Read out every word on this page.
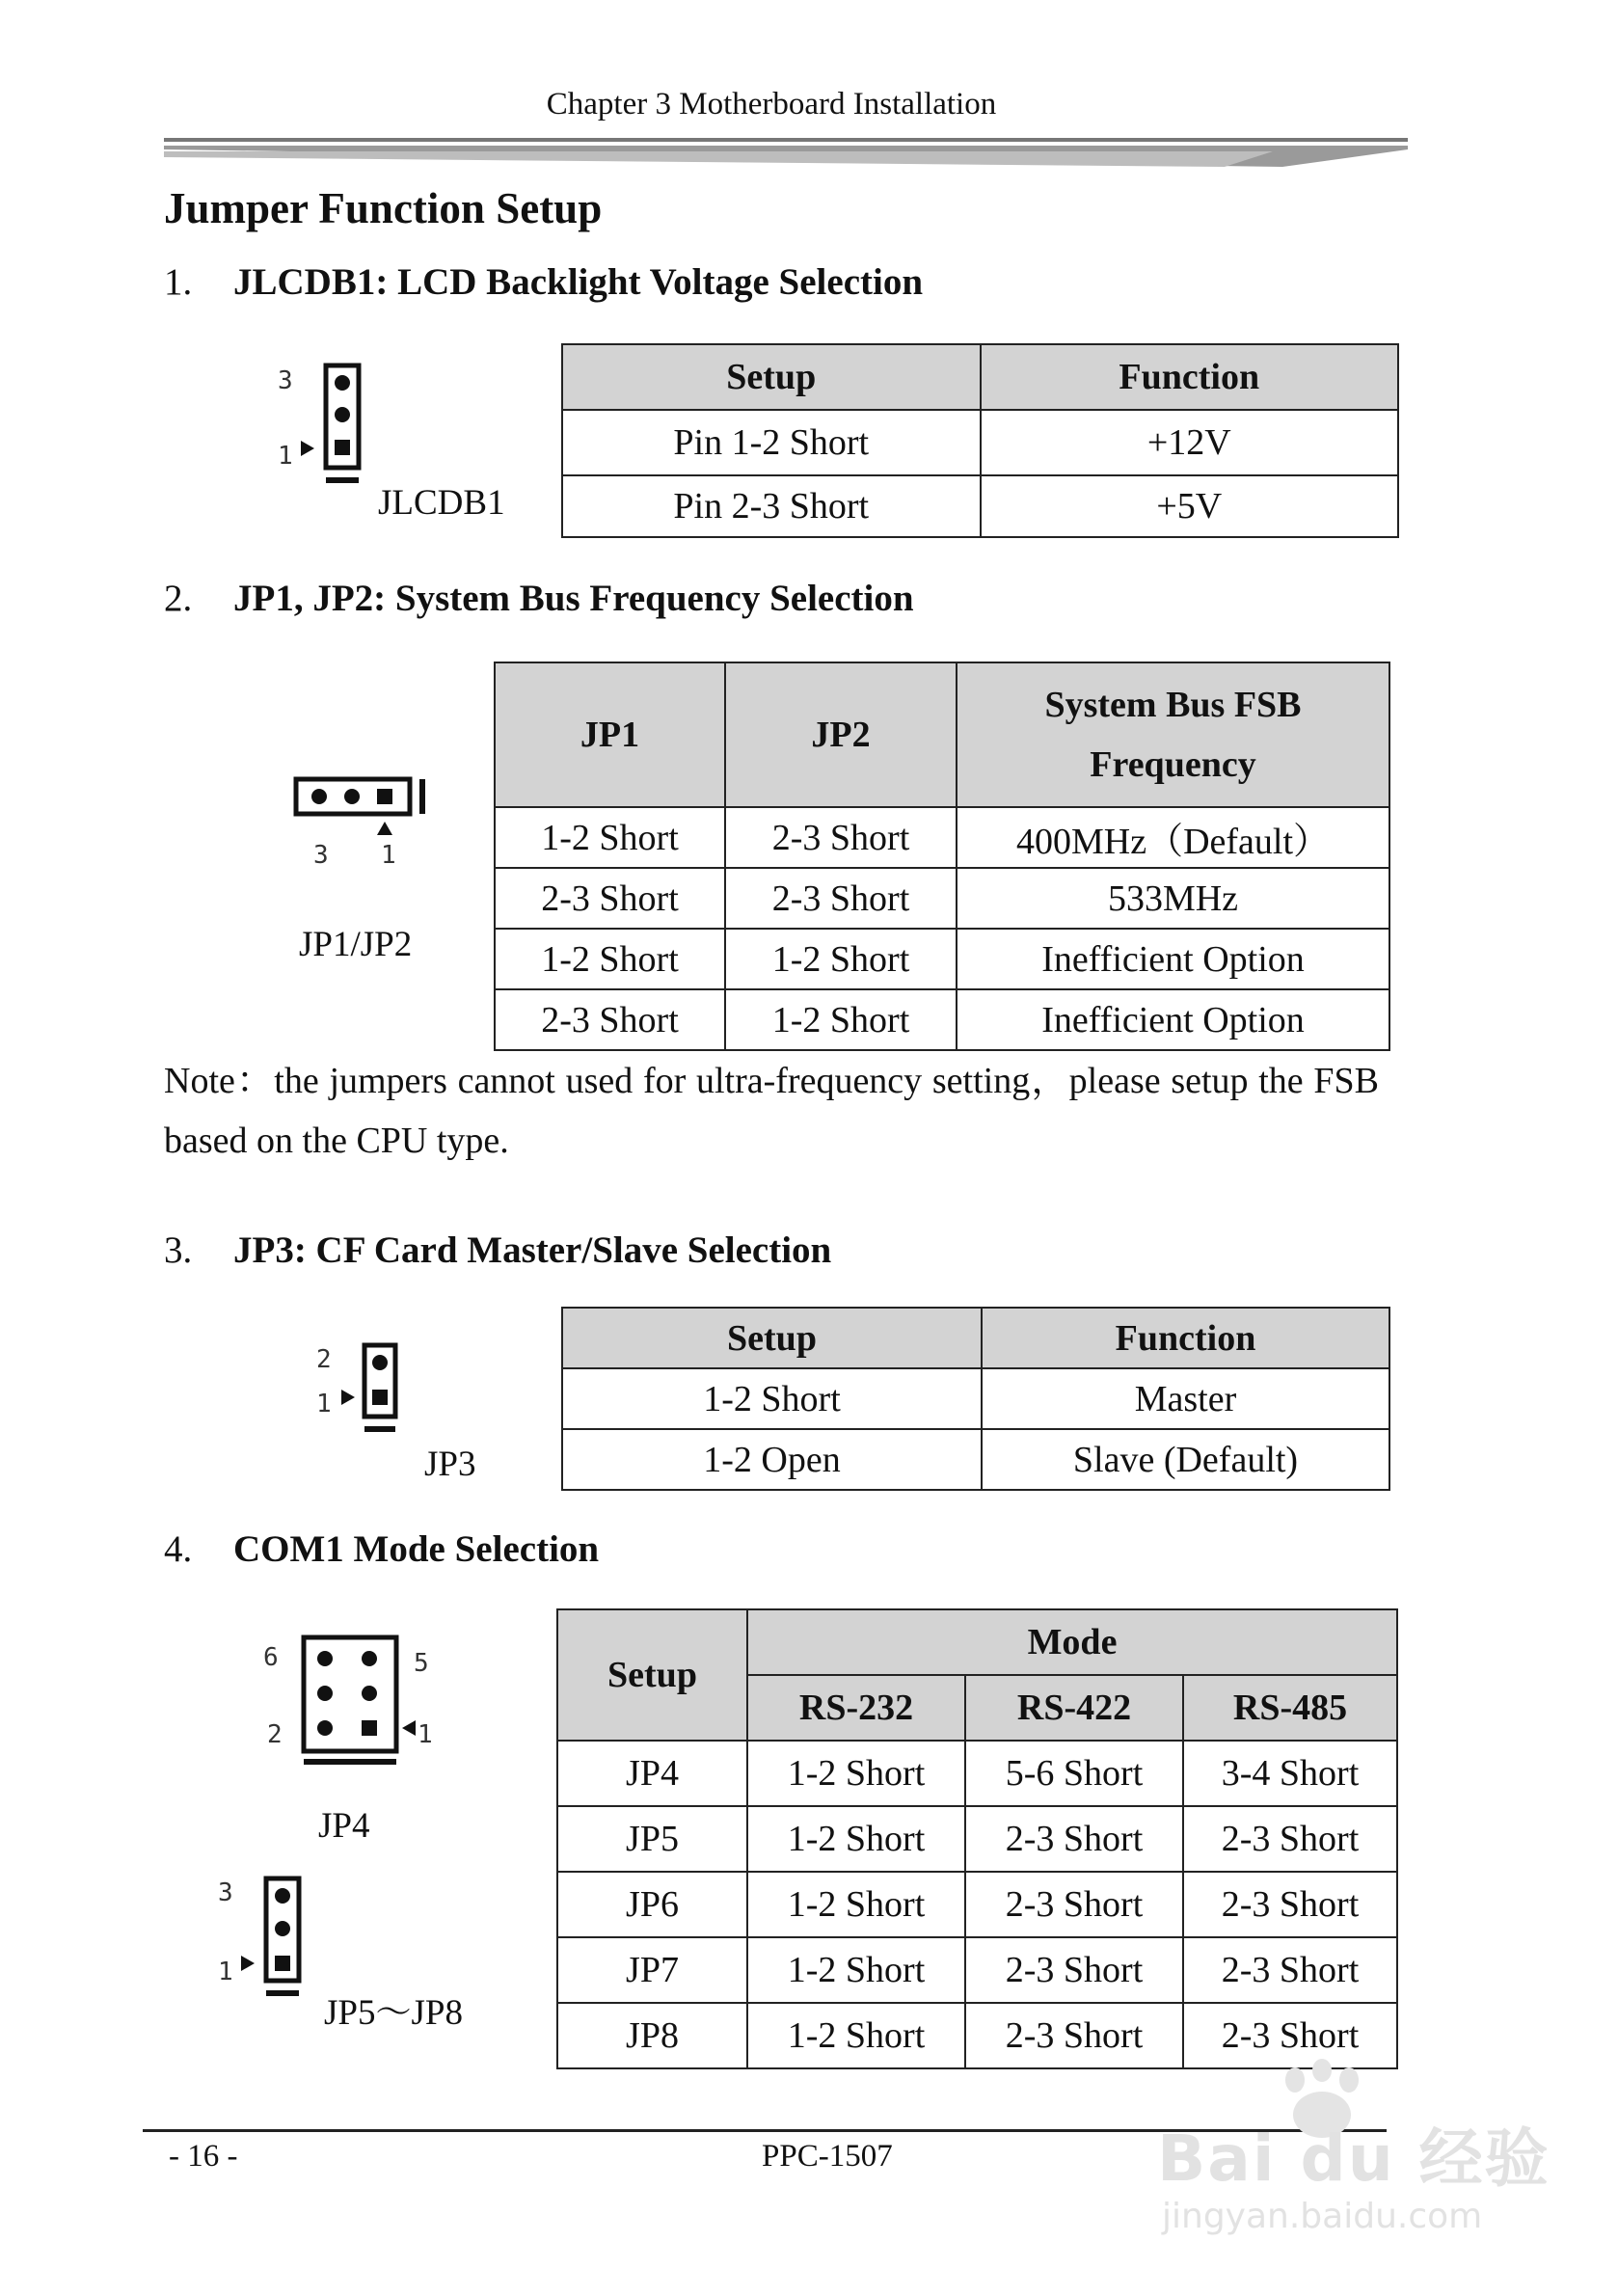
Chapter 3 Motherboard Installation
Jumper Function Setup
1. JLCDB1: LCD Backlight Voltage Selection
3
1
JLCDB1
Setup	Function
Pin 1-2 Short	+12V
Pin 2-3 Short	+5V
2. JP1, JP2: System Bus Frequency Selection
3 1
JP1/JP2
JP1	JP2	System Bus FSB
Frequency
1-2 Short	2-3 Short	400MHz（Default）
2-3 Short	2-3 Short	533MHz
1-2 Short	1-2 Short	Inefficient Option
2-3 Short	1-2 Short	Inefficient Option
Note：the jumpers cannot used for ultra-frequency setting，please setup the FSB based on the CPU type.
3. JP3: CF Card Master/Slave Selection
2
1
JP3
Setup	Function
1-2 Short	Master
1-2 Open	Slave (Default)
4. COM1 Mode Selection
6	5
2	1
JP4
3
1
JP5～JP8
Setup	Mode		
	RS-232	RS-422	RS-485
JP4	1-2 Short	5-6 Short	3-4 Short
JP5	1-2 Short	2-3 Short	2-3 Short
JP6	1-2 Short	2-3 Short	2-3 Short
JP7	1-2 Short	2-3 Short	2-3 Short
JP8	1-2 Short	2-3 Short	2-3 Short
- 16 -	PPC-1507	Bai du 经验
jingyan.baidu.com
